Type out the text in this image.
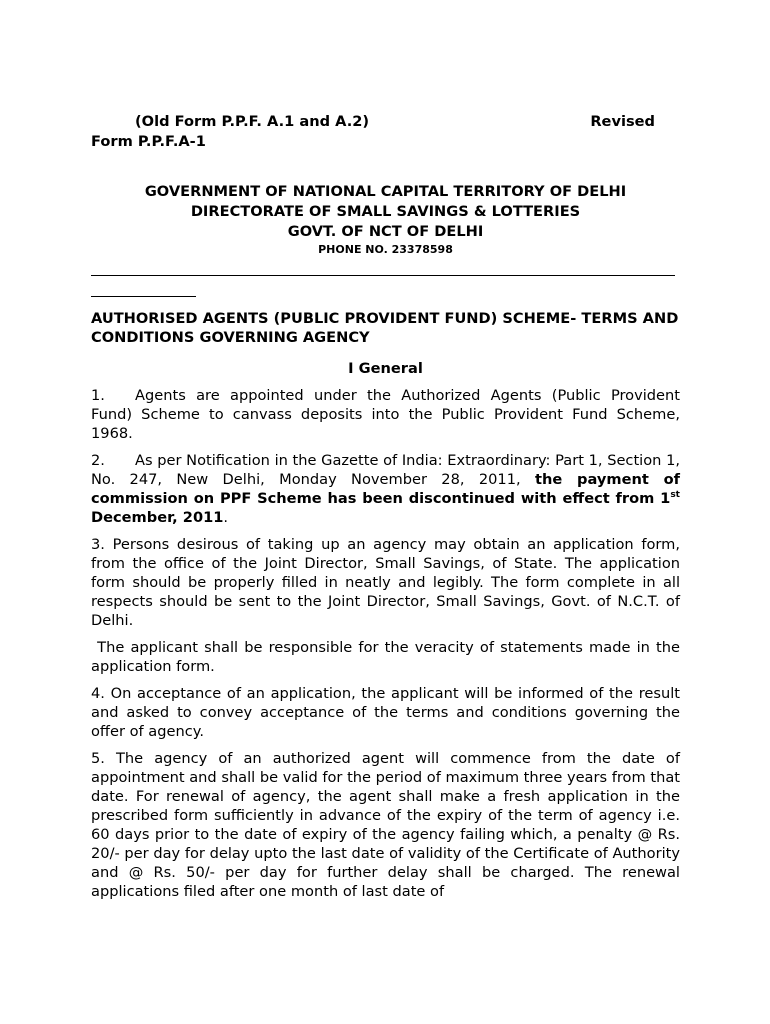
(Old Form P.P.F. A.1 and A.2)	Revised
Form P.P.F.A-1
GOVERNMENT OF NATIONAL CAPITAL TERRITORY OF DELHI
DIRECTORATE OF SMALL SAVINGS & LOTTERIES
GOVT. OF NCT OF DELHI
PHONE NO. 23378598
AUTHORISED AGENTS (PUBLIC PROVIDENT FUND) SCHEME- TERMS AND CONDITIONS GOVERNING AGENCY
I General

1. Agents are appointed under the Authorized Agents (Public Provident Fund) Scheme to canvass deposits into the Public Provident Fund Scheme, 1968.

2. As per Notification in the Gazette of India: Extraordinary: Part 1, Section 1, No. 247, New Delhi, Monday November 28, 2011, the payment of commission on PPF Scheme has been discontinued with effect from 1st December, 2011.

3. Persons desirous of taking up an agency may obtain an application form, from the office of the Joint Director, Small Savings, of State. The application form should be properly filled in neatly and legibly. The form complete in all respects should be sent to the Joint Director, Small Savings, Govt. of N.C.T. of Delhi.

The applicant shall be responsible for the veracity of statements made in the application form.

4. On acceptance of an application, the applicant will be informed of the result and asked to convey acceptance of the terms and conditions governing the offer of agency.

5. The agency of an authorized agent will commence from the date of appointment and shall be valid for the period of maximum three years from that date. For renewal of agency, the agent shall make a fresh application in the prescribed form sufficiently in advance of the expiry of the term of agency i.e. 60 days prior to the date of expiry of the agency failing which, a penalty @ Rs. 20/- per day for delay upto the last date of validity of the Certificate of Authority and @ Rs. 50/- per day for further delay shall be charged. The renewal applications filed after one month of last date of
